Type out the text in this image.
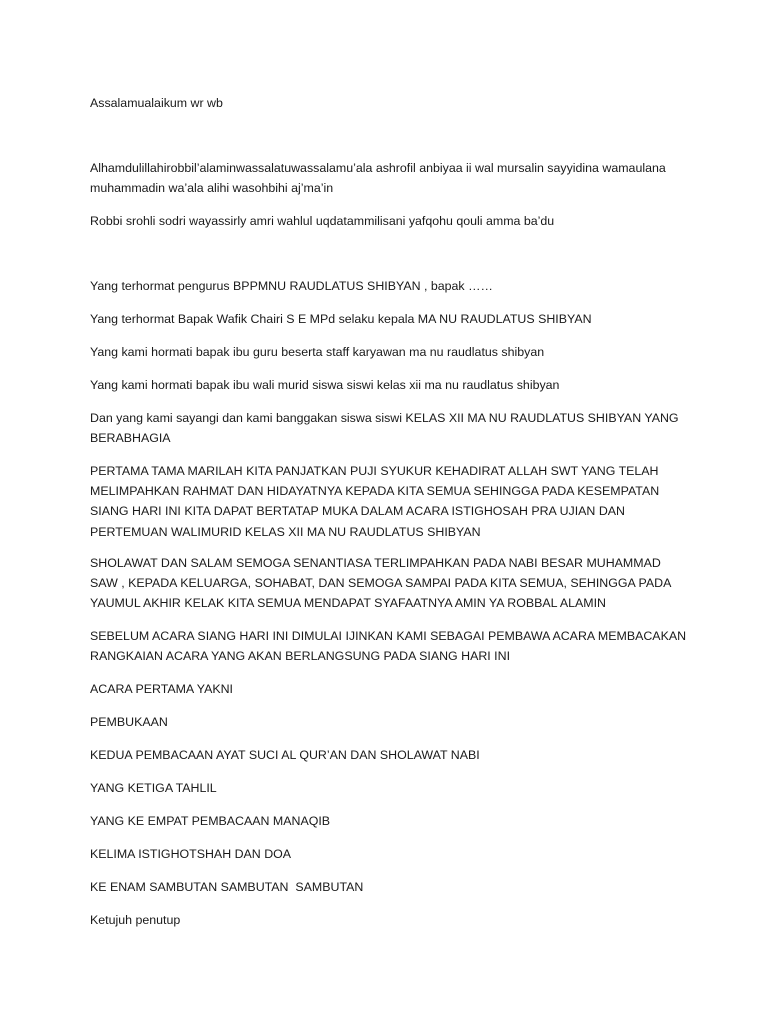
Assalamualaikum wr wb

Alhamdulillahirobbil’alaminwassalatuwassalamu’ala ashrofil anbiyaa ii wal mursalin sayyidina wamaulana muhammadin wa’ala alihi wasohbihi aj’ma’in

Robbi srohli sodri wayassirly amri wahlul uqdatammilisani yafqohu qouli amma ba’du

Yang terhormat pengurus BPPMNU RAUDLATUS SHIBYAN , bapak ……

Yang terhormat Bapak Wafik Chairi S E MPd selaku kepala MA NU RAUDLATUS SHIBYAN

Yang kami hormati bapak ibu guru beserta staff karyawan ma nu raudlatus shibyan

Yang kami hormati bapak ibu wali murid siswa siswi kelas xii ma nu raudlatus shibyan

Dan yang kami sayangi dan kami banggakan siswa siswi KELAS XII MA NU RAUDLATUS SHIBYAN YANG BERABHAGIA

PERTAMA TAMA MARILAH KITA PANJATKAN PUJI SYUKUR KEHADIRAT ALLAH SWT YANG TELAH MELIMPAHKAN RAHMAT DAN HIDAYATNYA KEPADA KITA SEMUA SEHINGGA PADA KESEMPATAN SIANG HARI INI KITA DAPAT BERTATAP MUKA DALAM ACARA ISTIGHOSAH PRA UJIAN DAN PERTEMUAN WALIMURID KELAS XII MA NU RAUDLATUS SHIBYAN

SHOLAWAT DAN SALAM SEMOGA SENANTIASA TERLIMPAHKAN PADA NABI BESAR MUHAMMAD SAW , KEPADA KELUARGA, SOHABAT, DAN SEMOGA SAMPAI PADA KITA SEMUA, SEHINGGA PADA YAUMUL AKHIR KELAK KITA SEMUA MENDAPAT SYAFAATNYA AMIN YA ROBBAL ALAMIN

SEBELUM ACARA SIANG HARI INI DIMULAI IJINKAN KAMI SEBAGAI PEMBAWA ACARA MEMBACAKAN RANGKAIAN ACARA YANG AKAN BERLANGSUNG PADA SIANG HARI INI

ACARA PERTAMA YAKNI

PEMBUKAAN

KEDUA PEMBACAAN AYAT SUCI AL QUR’AN DAN SHOLAWAT NABI

YANG KETIGA TAHLIL

YANG KE EMPAT PEMBACAAN MANAQIB

KELIMA ISTIGHOTSHAH DAN DOA

KE ENAM SAMBUTAN SAMBUTAN  SAMBUTAN

Ketujuh penutup
